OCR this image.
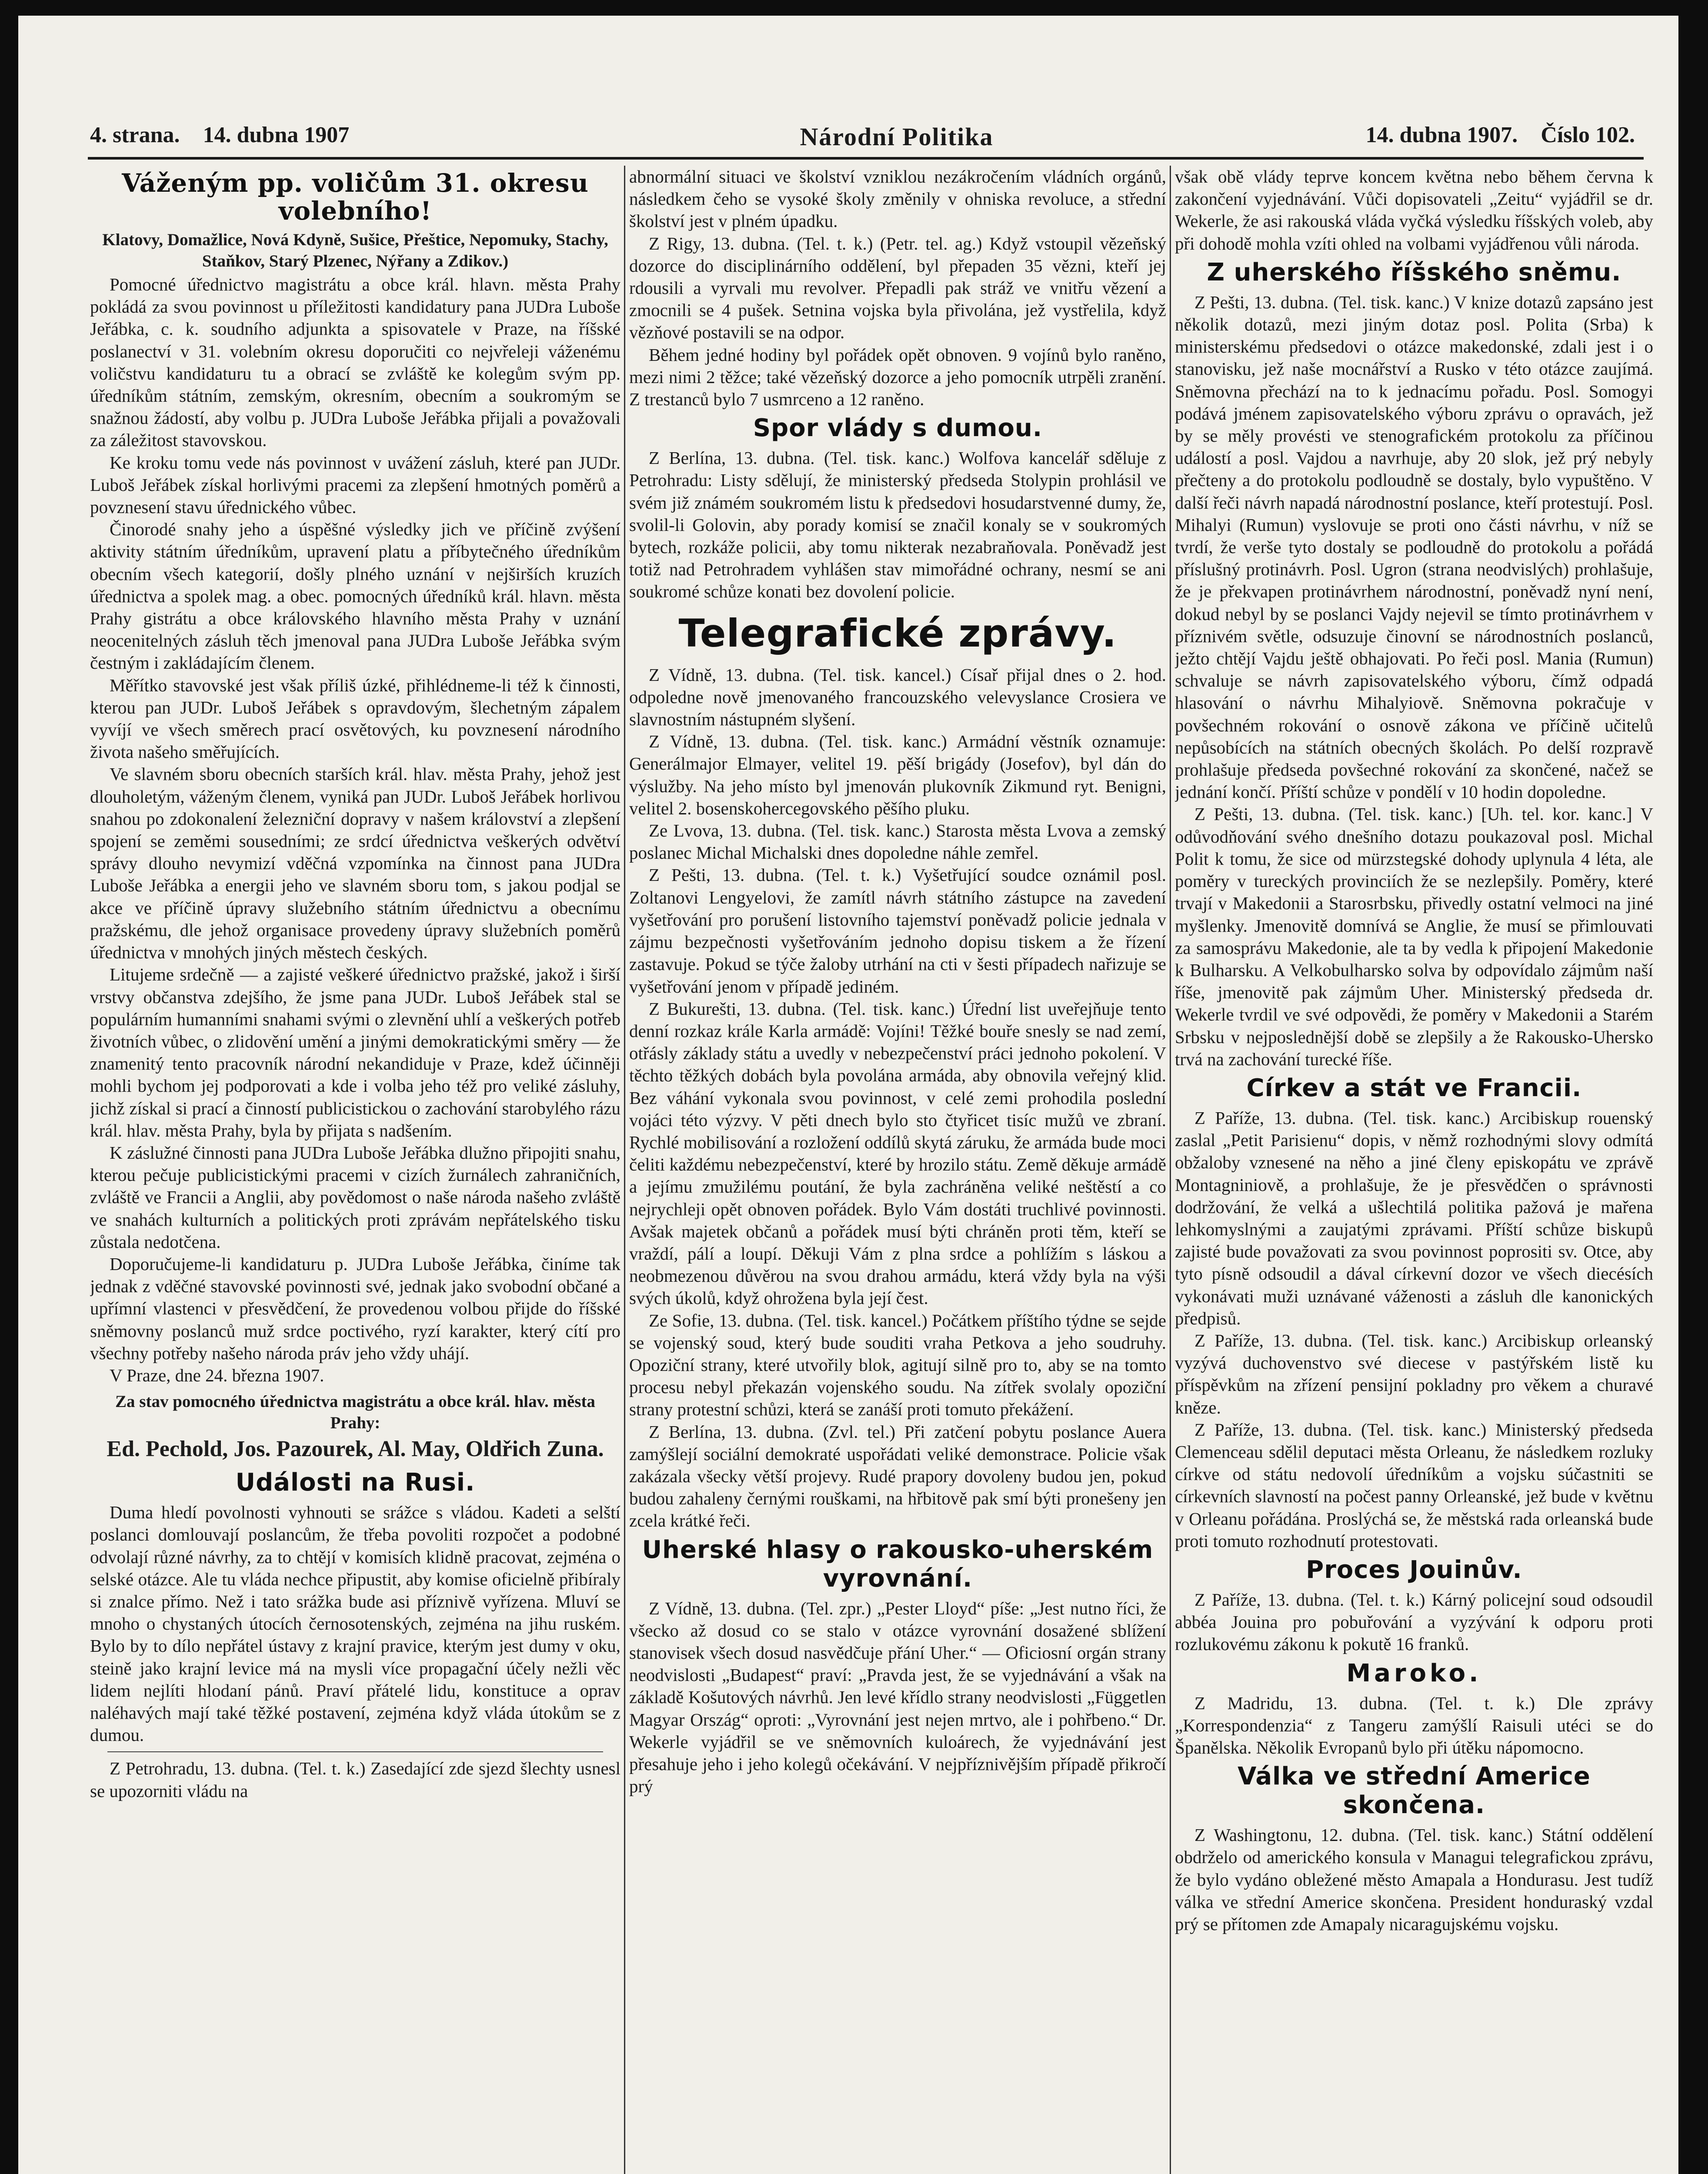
4. strana. 14. dubna 1907	Národní Politika	14. dubna 1907. Číslo 102.
Váženým pp. voličům 31. okresu volebního!
Klatovy, Domažlice, Nová Kdyně, Sušice, Přeštice, Nepomuky, Stachy, Staňkov, Starý Plzenec, Nýřany a Zdikov.)

Pomocné úřednictvo magistrátu a obce král. hlavn. města Prahy pokládá za svou povinnost u příležitosti kandidatury pana JUDra Luboše Jeřábka, c. k. soudního adjunkta a spisovatele v Praze, na říšské poslanectví v 31. volebním okresu doporučiti co nejvřeleji váženému voličstvu kandidaturu tu a obrací se zvláště ke kolegům svým pp. úředníkům státním, zemským, okresním, obecním a soukromým se snažnou žádostí, aby volbu p. JUDra Luboše Jeřábka přijali a považovali za záležitost stavovskou.

Ke kroku tomu vede nás povinnost v uvážení zásluh, které pan JUDr. Luboš Jeřábek získal horlivými pracemi za zlepšení hmotných poměrů a povznesení stavu úřednického vůbec.

Činorodé snahy jeho a úspěšné výsledky jich ve příčině zvýšení aktivity státním úředníkům, upravení platu a příbytečného úředníkům obecním všech kategorií, došly plného uznání v nejširších kruzích úřednictva a spolek mag. a obec. pomocných úředníků král. hlavn. města Prahy gistrátu a obce královského hlavního města Prahy v uznání neocenitelných zásluh těch jmenoval pana JUDra Luboše Jeřábka svým čestným i zakládajícím členem.

Měřítko stavovské jest však příliš úzké, přihlédneme-li též k činnosti, kterou pan JUDr. Luboš Jeřábek s opravdovým, šlechetným zápalem vyvíjí ve všech směrech prací osvětových, ku povznesení národního života našeho směřujících.

Ve slavném sboru obecních starších král. hlav. města Prahy, jehož jest dlouholetým, váženým členem, vyniká pan JUDr. Luboš Jeřábek horlivou snahou po zdokonalení železniční dopravy v našem království a zlepšení spojení se zeměmi sousedními; ze srdcí úřednictva veškerých odvětví správy dlouho nevymizí vděčná vzpomínka na činnost pana JUDra Luboše Jeřábka a energii jeho ve slavném sboru tom, s jakou podjal se akce ve příčině úpravy služebního státním úřednictvu a obecnímu pražskému, dle jehož organisace provedeny úpravy služebních poměrů úřednictva v mnohých jiných městech českých.

Litujeme srdečně — a zajisté veškeré úřednictvo pražské, jakož i širší vrstvy občanstva zdejšího, že jsme pana JUDr. Luboš Jeřábek stal se populárním humanními snahami svými o zlevnění uhlí a veškerých potřeb životních vůbec, o zlidovění umění a jinými demokratickými směry — že znamenitý tento pracovník národní nekandiduje v Praze, kdež účinněji mohli bychom jej podporovati a kde i volba jeho též pro veliké zásluhy, jichž získal si prací a činností publicistickou o zachování starobylého rázu král. hlav. města Prahy, byla by přijata s nadšením.

K záslužné činnosti pana JUDra Luboše Jeřábka dlužno připojiti snahu, kterou pečuje publicistickými pracemi v cizích žurnálech zahraničních, zvláště ve Francii a Anglii, aby povědomost o naše národa našeho zvláště ve snahách kulturních a politických proti zprávám nepřátelského tisku zůstala nedotčena.

Doporučujeme-li kandidaturu p. JUDra Luboše Jeřábka, činíme tak jednak z vděčné stavovské povinnosti své, jednak jako svobodní občané a upřímní vlastenci v přesvědčení, že provedenou volbou přijde do říšské sněmovny poslanců muž srdce poctivého, ryzí karakter, který cítí pro všechny potřeby našeho národa práv jeho vždy uhájí.

V Praze, dne 24. března 1907.

Za stav pomocného úřednictva magistrátu a obce král. hlav. města Prahy:
Ed. Pechold, Jos. Pazourek, Al. May, Oldřich Zuna.
Události na Rusi.

Duma hledí povolnosti vyhnouti se srážce s vládou. Kadeti a selští poslanci domlouvají poslancům, že třeba povoliti rozpočet a podobné odvolají různé návrhy, za to chtějí v komisích klidně pracovat, zejména o selské otázce. Ale tu vláda nechce připustit, aby komise oficielně přibíraly si znalce přímo. Než i tato srážka bude asi příznivě vyřízena. Mluví se mnoho o chystaných útocích černosotenských, zejména na jihu ruském. Bylo by to dílo nepřátel ústavy z krajní pravice, kterým jest dumy v oku, steině jako krajní levice má na mysli více propagační účely nežli věc lidem nejlíti hlodaní pánů. Praví přátelé lidu, konstituce a oprav naléhavých mají také těžké postavení, zejména když vláda útokům se z dumou.

Z Petrohradu, 13. dubna. (Tel. t. k.) Zasedající zde sjezd šlechty usnesl se upozorniti vládu na

abnormální situaci ve školství vzniklou nezákročením vládních orgánů, následkem čeho se vysoké školy změnily v ohniska revoluce, a střední školství jest v plném úpadku.

Z Rigy, 13. dubna. (Tel. t. k.) (Petr. tel. ag.) Když vstoupil vězeňský dozorce do disciplinárního oddělení, byl přepaden 35 vězni, kteří jej rdousili a vyrvali mu revolver. Přepadli pak stráž ve vnitřu vězení a zmocnili se 4 pušek. Setnina vojska byla přivolána, jež vystřelila, když vězňové postavili se na odpor.

Během jedné hodiny byl pořádek opět obnoven. 9 vojínů bylo raněno, mezi nimi 2 těžce; také vězeňský dozorce a jeho pomocník utrpěli zranění. Z trestanců bylo 7 usmrceno a 12 raněno.

Spor vlády s dumou.

Z Berlína, 13. dubna. (Tel. tisk. kanc.) Wolfova kancelář sděluje z Petrohradu: Listy sdělují, že ministerský předseda Stolypin prohlásil ve svém již známém soukromém listu k předsedovi hosudarstvenné dumy, že, svolil-li Golovin, aby porady komisí se značil konaly se v soukromých bytech, rozkáže policii, aby tomu nikterak nezabraňovala. Poněvadž jest totiž nad Petrohradem vyhlášen stav mimořádné ochrany, nesmí se ani soukromé schůze konati bez dovolení policie.

Telegrafické zprávy.

Z Vídně, 13. dubna. (Tel. tisk. kancel.) Císař přijal dnes o 2. hod. odpoledne nově jmenovaného francouzského velevyslance Crosiera ve slavnostním nástupném slyšení.

Z Vídně, 13. dubna. (Tel. tisk. kanc.) Armádní věstník oznamuje: Generálmajor Elmayer, velitel 19. pěší brigády (Josefov), byl dán do výslužby. Na jeho místo byl jmenován plukovník Zikmund ryt. Benigni, velitel 2. bosenskohercegovského pěšího pluku.

Ze Lvova, 13. dubna. (Tel. tisk. kanc.) Starosta města Lvova a zemský poslanec Michal Michalski dnes dopoledne náhle zemřel.

Z Pešti, 13. dubna. (Tel. t. k.) Vyšetřující soudce oznámil posl. Zoltanovi Lengyelovi, že zamítl návrh státního zástupce na zavedení vyšetřování pro porušení listovního tajemství poněvadž policie jednala v zájmu bezpečnosti vyšetřováním jednoho dopisu tiskem a že řízení zastavuje. Pokud se týče žaloby utrhání na cti v šesti případech nařizuje se vyšetřování jenom v případě jediném.

Z Bukurešti, 13. dubna. (Tel. tisk. kanc.) Úřední list uveřejňuje tento denní rozkaz krále Karla armádě: Vojíni! Těžké bouře snesly se nad zemí, otřásly základy státu a uvedly v nebezpečenství práci jednoho pokolení. V těchto těžkých dobách byla povolána armáda, aby obnovila veřejný klid. Bez váhání vykonala svou povinnost, v celé zemi prohodila poslední vojáci této výzvy. V pěti dnech bylo sto čtyřicet tisíc mužů ve zbraní. Rychlé mobilisování a rozložení oddílů skytá záruku, že armáda bude moci čeliti každému nebezpečenství, které by hrozilo státu. Země děkuje armádě a jejímu zmužilému poutání, že byla zachráněna veliké neštěstí a co nejrychleji opět obnoven pořádek. Bylo Vám dostáti truchlivé povinnosti. Avšak majetek občanů a pořádek musí býti chráněn proti těm, kteří se vraždí, pálí a loupí. Děkuji Vám z plna srdce a pohlížím s láskou a neobmezenou důvěrou na svou drahou armádu, která vždy byla na výši svých úkolů, když ohrožena byla její čest.

Ze Sofie, 13. dubna. (Tel. tisk. kancel.) Počátkem příštího týdne se sejde se vojenský soud, který bude souditi vraha Petkova a jeho soudruhy. Opoziční strany, které utvořily blok, agitují silně pro to, aby se na tomto procesu nebyl překazán vojenského soudu. Na zítřek svolaly opoziční strany protestní schůzi, která se zanáší proti tomuto překážení.

Z Berlína, 13. dubna. (Zvl. tel.) Při zatčení pobytu poslance Auera zamýšlejí sociální demokraté uspořádati veliké demonstrace. Policie však zakázala všecky větší projevy. Rudé prapory dovoleny budou jen, pokud budou zahaleny černými rouškami, na hřbitově pak smí býti pronešeny jen zcela krátké řeči.

Uherské hlasy o rakousko-uherském vyrovnání.

Z Vídně, 13. dubna. (Tel. zpr.) „Pester Lloyd“ píše: „Jest nutno říci, že všecko až dosud co se stalo v otázce vyrovnání dosažené sblížení stanovisek všech dosud nasvědčuje přání Uher.“ — Oficiosní orgán strany neodvislosti „Budapest“ praví: „Pravda jest, že se vyjednávání a však na základě Košutových návrhů. Jen levé křídlo strany neodvislosti „Független Magyar Ország“ oproti: „Vyrovnání jest nejen mrtvo, ale i pohřbeno.“ Dr. Wekerle vyjádřil se ve sněmovních kuloárech, že vyjednávání jest přesahuje jeho i jeho kolegů očekávání. V nejpříznivějším případě přikročí prý

však obě vlády teprve koncem května nebo během června k zakončení vyjednávání. Vůči dopisovateli „Zeitu“ vyjádřil se dr. Wekerle, že asi rakouská vláda vyčká výsledku říšských voleb, aby při dohodě mohla vzíti ohled na volbami vyjádřenou vůli národa.

Z uherského říšského sněmu.

Z Pešti, 13. dubna. (Tel. tisk. kanc.) V knize dotazů zapsáno jest několik dotazů, mezi jiným dotaz posl. Polita (Srba) k ministerskému předsedovi o otázce makedonské, zdali jest i o stanovisku, jež naše mocnářství a Rusko v této otázce zaujímá. Sněmovna přechází na to k jednacímu pořadu. Posl. Somogyi podává jménem zapisovatelského výboru zprávu o opravách, jež by se měly provésti ve stenografickém protokolu za příčinou událostí a posl. Vajdou a navrhuje, aby 20 slok, jež prý nebyly přečteny a do protokolu podloudně se dostaly, bylo vypuštěno. V další řeči návrh napadá národnostní poslance, kteří protestují. Posl. Mihalyi (Rumun) vyslovuje se proti ono části návrhu, v níž se tvrdí, že verše tyto dostaly se podloudně do protokolu a pořádá příslušný protinávrh. Posl. Ugron (strana neodvislých) prohlašuje, že je překvapen protinávrhem národnostní, poněvadž nyní není, dokud nebyl by se poslanci Vajdy nejevil se tímto protinávrhem v příznivém světle, odsuzuje činovní se národnostních poslanců, ježto chtějí Vajdu ještě obhajovati. Po řeči posl. Mania (Rumun) schvaluje se návrh zapisovatelského výboru, čímž odpadá hlasování o návrhu Mihalyiově. Sněmovna pokračuje v povšechném rokování o osnově zákona ve příčině učitelů nepůsobících na státních obecných školách. Po delší rozpravě prohlašuje předseda povšechné rokování za skončené, načež se jednání končí. Příští schůze v pondělí v 10 hodin dopoledne.

Z Pešti, 13. dubna. (Tel. tisk. kanc.) [Uh. tel. kor. kanc.] V odůvodňování svého dnešního dotazu poukazoval posl. Michal Polit k tomu, že sice od mürzstegské dohody uplynula 4 léta, ale poměry v tureckých provinciích že se nezlepšily. Poměry, které trvají v Makedonii a Starosrbsku, přivedly ostatní velmoci na jiné myšlenky. Jmenovitě domnívá se Anglie, že musí se přimlouvati za samosprávu Makedonie, ale ta by vedla k připojení Makedonie k Bulharsku. A Velkobulharsko solva by odpovídalo zájmům naší říše, jmenovitě pak zájmům Uher. Ministerský předseda dr. Wekerle tvrdil ve své odpovědi, že poměry v Makedonii a Starém Srbsku v nejposlednější době se zlepšily a že Rakousko-Uhersko trvá na zachování turecké říše.

Církev a stát ve Francii.

Z Paříže, 13. dubna. (Tel. tisk. kanc.) Arcibiskup rouenský zaslal „Petit Parisienu“ dopis, v němž rozhodnými slovy odmítá obžaloby vznesené na něho a jiné členy episkopátu ve zprávě Montagniniově, a prohlašuje, že je přesvědčen o správnosti dodržování, že velká a ušlechtilá politika pažová je mařena lehkomyslnými a zaujatými zprávami. Příští schůze biskupů zajisté bude považovati za svou povinnost poprositi sv. Otce, aby tyto písně odsoudil a dával církevní dozor ve všech diecésích vykonávati muži uznávané váženosti a zásluh dle kanonických předpisů.

Z Paříže, 13. dubna. (Tel. tisk. kanc.) Arcibiskup orleanský vyzývá duchovenstvo své diecese v pastýřském listě ku příspěvkům na zřízení pensijní pokladny pro věkem a churavé kněze.

Z Paříže, 13. dubna. (Tel. tisk. kanc.) Ministerský předseda Clemenceau sdělil deputaci města Orleanu, že následkem rozluky církve od státu nedovolí úředníkům a vojsku súčastniti se církevních slavností na počest panny Orleanské, jež bude v květnu v Orleanu pořádána. Proslýchá se, že městská rada orleanská bude proti tomuto rozhodnutí protestovati.

Proces Jouinův.

Z Paříže, 13. dubna. (Tel. t. k.) Kárný policejní soud odsoudil abbéa Jouina pro pobuřování a vyzývání k odporu proti rozlukovému zákonu k pokutě 16 franků.

Maroko.

Z Madridu, 13. dubna. (Tel. t. k.) Dle zprávy „Korrespondenzia“ z Tangeru zamýšlí Raisuli utéci se do Španělska. Několik Evropanů bylo při útěku nápomocno.

Válka ve střední Americe skončena.

Z Washingtonu, 12. dubna. (Tel. tisk. kanc.) Státní oddělení obdrželo od amerického konsula v Managui telegrafickou zprávu, že bylo vydáno obležené město Amapala a Hondurasu. Jest tudíž válka ve střední Americe skončena. President honduraský vzdal prý se přítomen zde Amapaly nicaragujskému vojsku.
